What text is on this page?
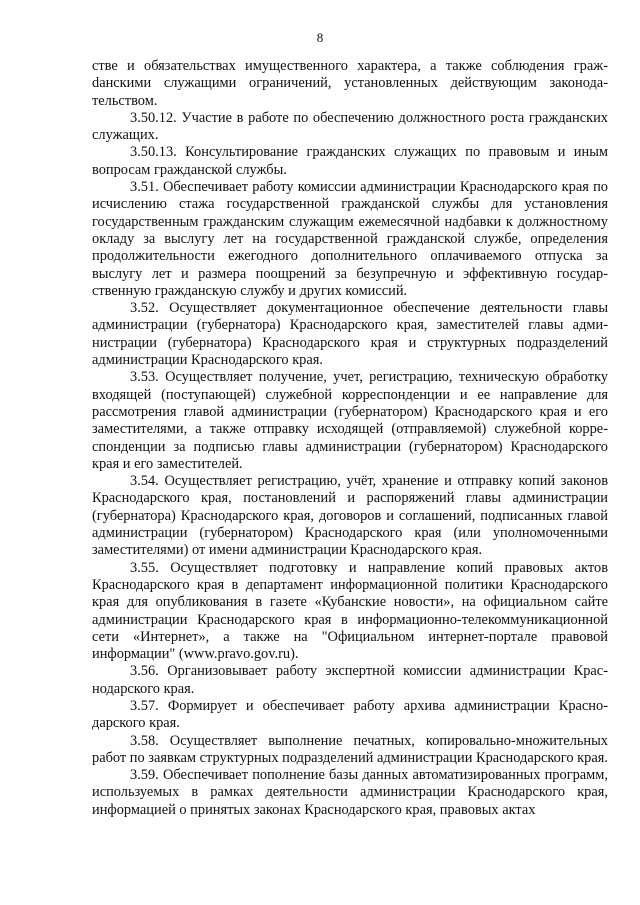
8

стве и обязательствах имущественного характера, а также соблюдения гражdанскими служащими ограничений, установленных действующим законодательством.

3.50.12. Участие в работе по обеспечению должностного роста гражданских служащих.

3.50.13. Консультирование гражданских служащих по правовым и иным вопросам гражданской службы.

3.51. Обеспечивает работу комиссии администрации Краснодарского края по исчислению стажа государственной гражданской службы для установления государственным гражданским служащим ежемесячной надбавки к должностному окладу за выслугу лет на государственной гражданской службе, определения продолжительности ежегодного дополнительного оплачиваемого отпуска за выслугу лет и размера поощрений за безупречную и эффективную государственную гражданскую службу и других комиссий.

3.52. Осуществляет документационное обеспечение деятельности главы администрации (губернатора) Краснодарского края, заместителей главы администрации (губернатора) Краснодарского края и структурных подразделений администрации Краснодарского края.

3.53. Осуществляет получение, учет, регистрацию, техническую обработку входящей (поступающей) служебной корреспонденции и ее направление для рассмотрения главой администрации (губернатором) Краснодарского края и его заместителями, а также отправку исходящей (отправляемой) служебной корреспонденции за подписью главы администрации (губернатором) Краснодарского края и его заместителей.

3.54. Осуществляет регистрацию, учёт, хранение и отправку копий законов Краснодарского края, постановлений и распоряжений главы администрации (губернатора) Краснодарского края, договоров и соглашений, подписанных главой администрации (губернатором) Краснодарского края (или уполномоченными заместителями) от имени администрации Краснодарского края.

3.55. Осуществляет подготовку и направление копий правовых актов Краснодарского края в департамент информационной политики Краснодарского края для опубликования в газете «Кубанские новости», на официальном сайте администрации Краснодарского края в информационно-телекоммуникационной сети «Интернет», а также на "Официальном интернет-портале правовой информации" (www.pravo.gov.ru).

3.56. Организовывает работу экспертной комиссии администрации Краснодарского края.

3.57. Формирует и обеспечивает работу архива администрации Краснодарского края.

3.58. Осуществляет выполнение печатных, копировально-множительных работ по заявкам структурных подразделений администрации Краснодарского края.

3.59. Обеспечивает пополнение базы данных автоматизированных программ, используемых в рамках деятельности администрации Краснодарского края, информацией о принятых законах Краснодарского края, правовых актах
